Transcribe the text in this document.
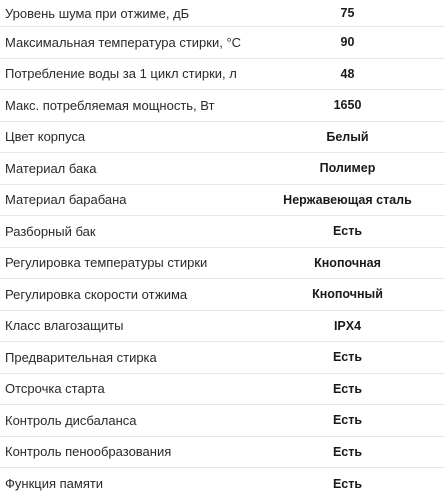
Уровень шума при отжиме, дБ	75
Максимальная температура стирки, °С	90
Потребление воды за 1 цикл стирки, л	48
Макс. потребляемая мощность, Вт	1650
Цвет корпуса	Белый
Материал бака	Полимер
Материал барабана	Нержавеющая сталь
Разборный бак	Есть
Регулировка температуры стирки	Кнопочная
Регулировка скорости отжима	Кнопочный
Класс влагозащиты	IPX4
Предварительная стирка	Есть
Отсрочка старта	Есть
Контроль дисбаланса	Есть
Контроль пенообразования	Есть
Функция памяти	Есть
